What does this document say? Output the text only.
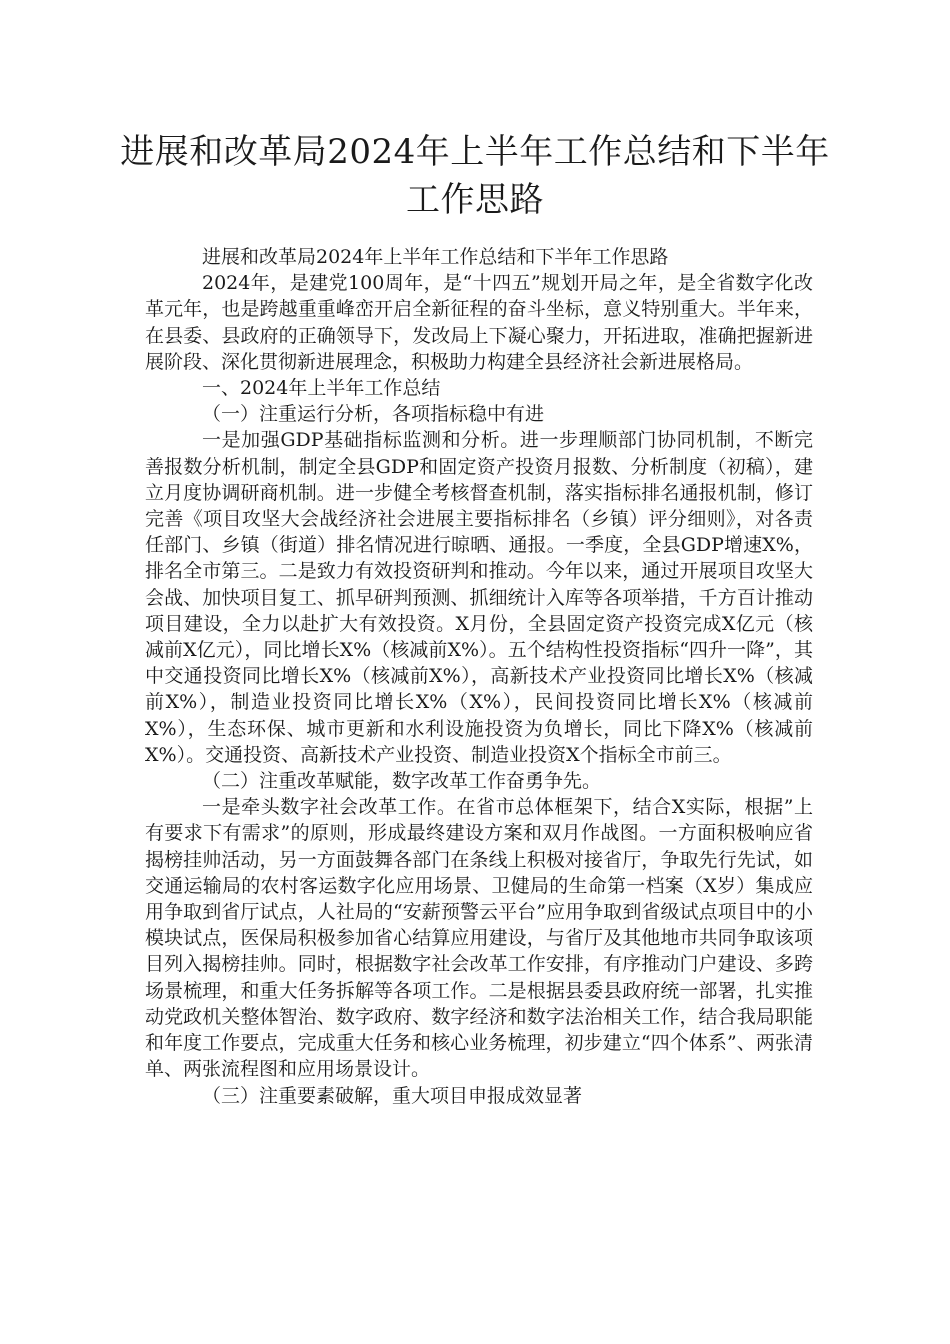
进展和改革局2024年上半年工作总结和下半年工作思路

进展和改革局2024年上半年工作总结和下半年工作思路

2024年，是建党100周年，是“十四五”规划开局之年，是全省数字化改革元年，也是跨越重重峰峦开启全新征程的奋斗坐标，意义特别重大。半年来，在县委、县政府的正确领导下，发改局上下凝心聚力，开拓进取，准确把握新进展阶段、深化贯彻新进展理念，积极助力构建全县经济社会新进展格局。

一、2024年上半年工作总结

（一）注重运行分析，各项指标稳中有进

一是加强GDP基础指标监测和分析。进一步理顺部门协同机制，不断完善报数分析机制，制定全县GDP和固定资产投资月报数、分析制度（初稿），建立月度协调研商机制。进一步健全考核督查机制，落实指标排名通报机制，修订完善《项目攻坚大会战经济社会进展主要指标排名（乡镇）评分细则》，对各责任部门、乡镇（街道）排名情况进行晾晒、通报。一季度，全县GDP增速X%，排名全市第三。二是致力有效投资研判和推动。今年以来，通过开展项目攻坚大会战、加快项目复工、抓早研判预测、抓细统计入库等各项举措，千方百计推动项目建设，全力以赴扩大有效投资。X月份，全县固定资产投资完成X亿元（核减前X亿元），同比增长X%（核减前X%）。五个结构性投资指标“四升一降”，其中交通投资同比增长X%（核减前X%），高新技术产业投资同比增长X%（核减前X%），制造业投资同比增长X%（X%），民间投资同比增长X%（核减前X%），生态环保、城市更新和水利设施投资为负增长，同比下降X%（核减前X%）。交通投资、高新技术产业投资、制造业投资X个指标全市前三。

（二）注重改革赋能，数字改革工作奋勇争先。

一是牵头数字社会改革工作。在省市总体框架下，结合X实际，根据”上有要求下有需求”的原则，形成最终建设方案和双月作战图。一方面积极响应省揭榜挂帅活动，另一方面鼓舞各部门在条线上积极对接省厅，争取先行先试，如交通运输局的农村客运数字化应用场景、卫健局的生命第一档案（X岁）集成应用争取到省厅试点，人社局的“安薪预警云平台”应用争取到省级试点项目中的小模块试点，医保局积极参加省心结算应用建设，与省厅及其他地市共同争取该项目列入揭榜挂帅。同时，根据数字社会改革工作安排，有序推动门户建设、多跨场景梳理，和重大任务拆解等各项工作。二是根据县委县政府统一部署，扎实推动党政机关整体智治、数字政府、数字经济和数字法治相关工作，结合我局职能和年度工作要点，完成重大任务和核心业务梳理，初步建立“四个体系”、两张清单、两张流程图和应用场景设计。

（三）注重要素破解，重大项目申报成效显著
